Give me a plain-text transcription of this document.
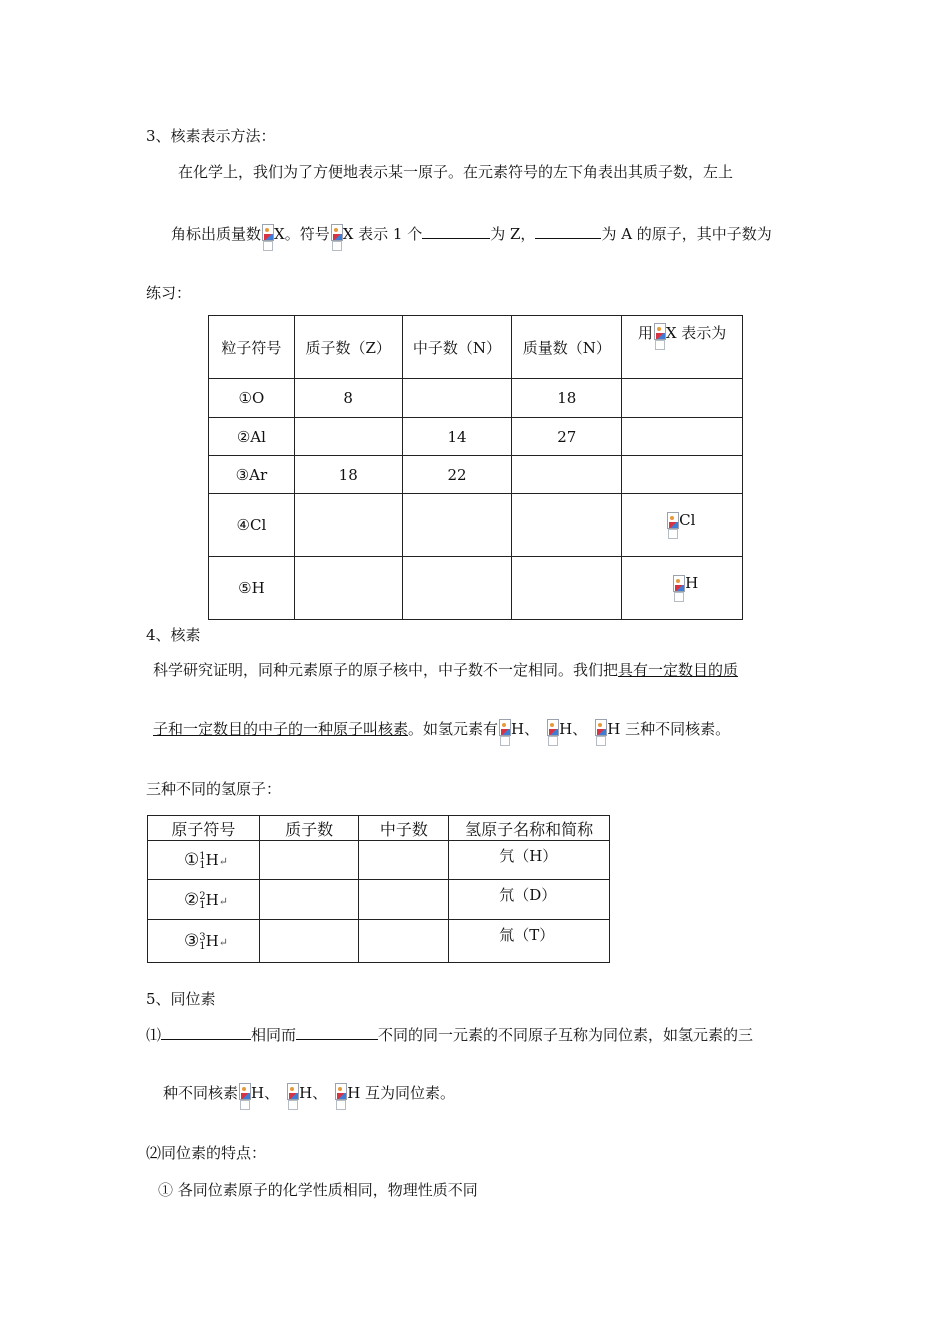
3、核素表示方法：
在化学上，我们为了方便地表示某一原子。在元素符号的左下角表出其质子数，左上
角标出质量数 X。符号 X 表示 1 个	为 Z，	为 A 的原子，其中子数为
练习：
粒子符号	质子数（Z）	中子数（N）	质量数（N）	用 X 表示为
①O	8		18	
②Al		14	27	
③Ar	18	22		
④Cl				Cl
⑤H				H
4、核素
科学研究证明，同种元素原子的原子核中，中子数不一定相同。我们把具有一定数目的质
子和一定数目的中子的一种原子叫核素。如氢元素有 H、 H、 H 三种不同核素。
三种不同的氢原子：
原子符号	质子数	中子数	氢原子名称和简称
①1
1H↵			氕（H）
②2
1H↵			氘（D）
③3
1H↵			氚（T）
5、同位素
⑴	相同而	不同的同一元素的不同原子互称为同位素，如氢元素的三
种不同核素 H、 H、 H 互为同位素。
⑵同位素的特点：
① 各同位素原子的化学性质相同，物理性质不同
